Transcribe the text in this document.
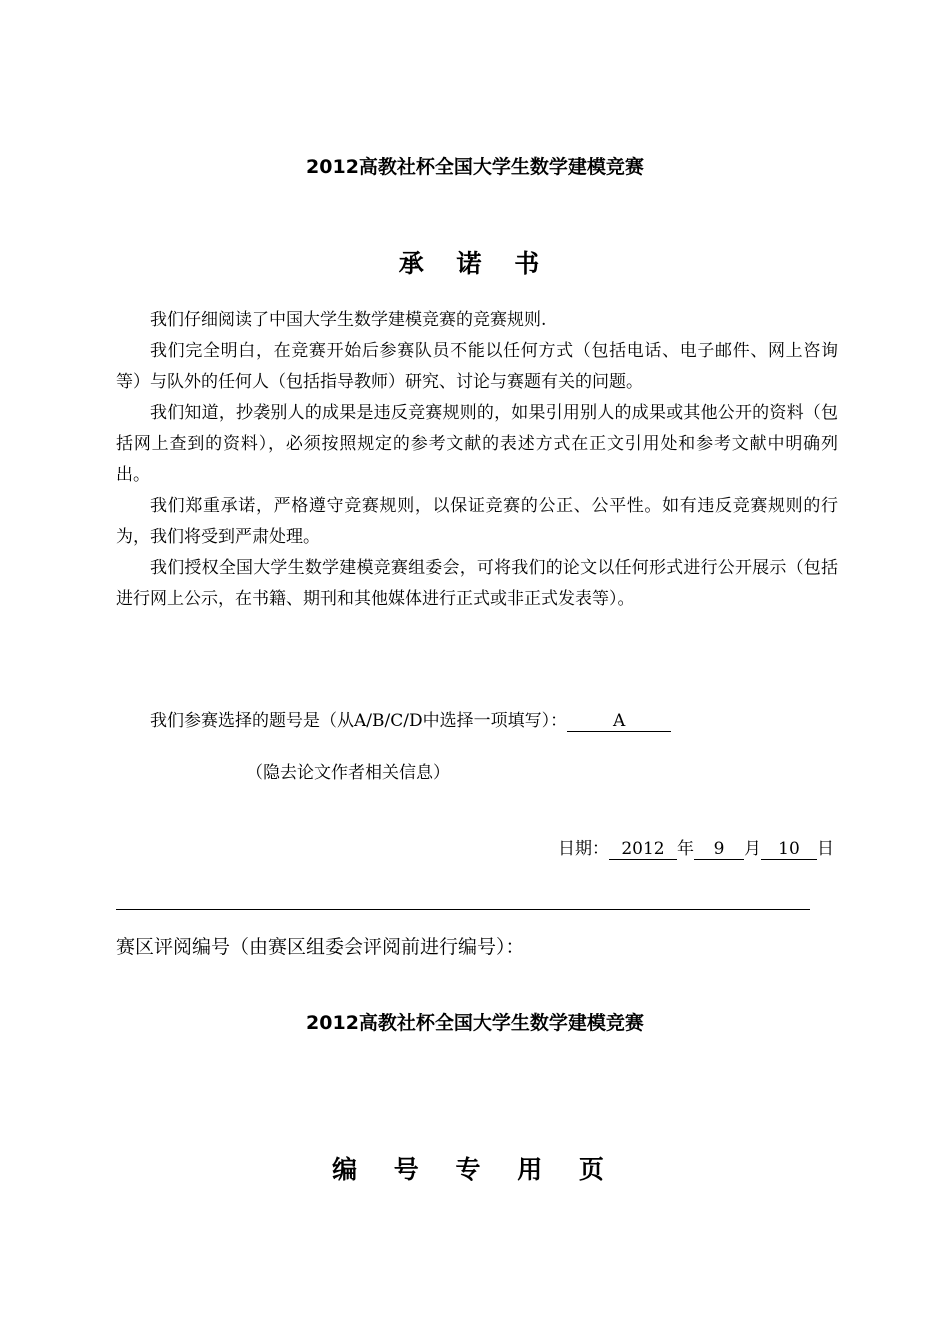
2012高教社杯全国大学生数学建模竞赛
承 诺 书

我们仔细阅读了中国大学生数学建模竞赛的竞赛规则.

我们完全明白，在竞赛开始后参赛队员不能以任何方式（包括电话、电子邮件、网上咨询等）与队外的任何人（包括指导教师）研究、讨论与赛题有关的问题。

我们知道，抄袭别人的成果是违反竞赛规则的，如果引用别人的成果或其他公开的资料（包括网上查到的资料），必须按照规定的参考文献的表述方式在正文引用处和参考文献中明确列出。

我们郑重承诺，严格遵守竞赛规则，以保证竞赛的公正、公平性。如有违反竞赛规则的行为，我们将受到严肃处理。

我们授权全国大学生数学建模竞赛组委会，可将我们的论文以任何形式进行公开展示（包括进行网上公示，在书籍、期刊和其他媒体进行正式或非正式发表等）。

我们参赛选择的题号是（从A/B/C/D中选择一项填写）：	A
（隐去论文作者相关信息）
日期： 2012 年 9 月 10 日
赛区评阅编号（由赛区组委会评阅前进行编号）：
2012高教社杯全国大学生数学建模竞赛
编 号 专 用 页
